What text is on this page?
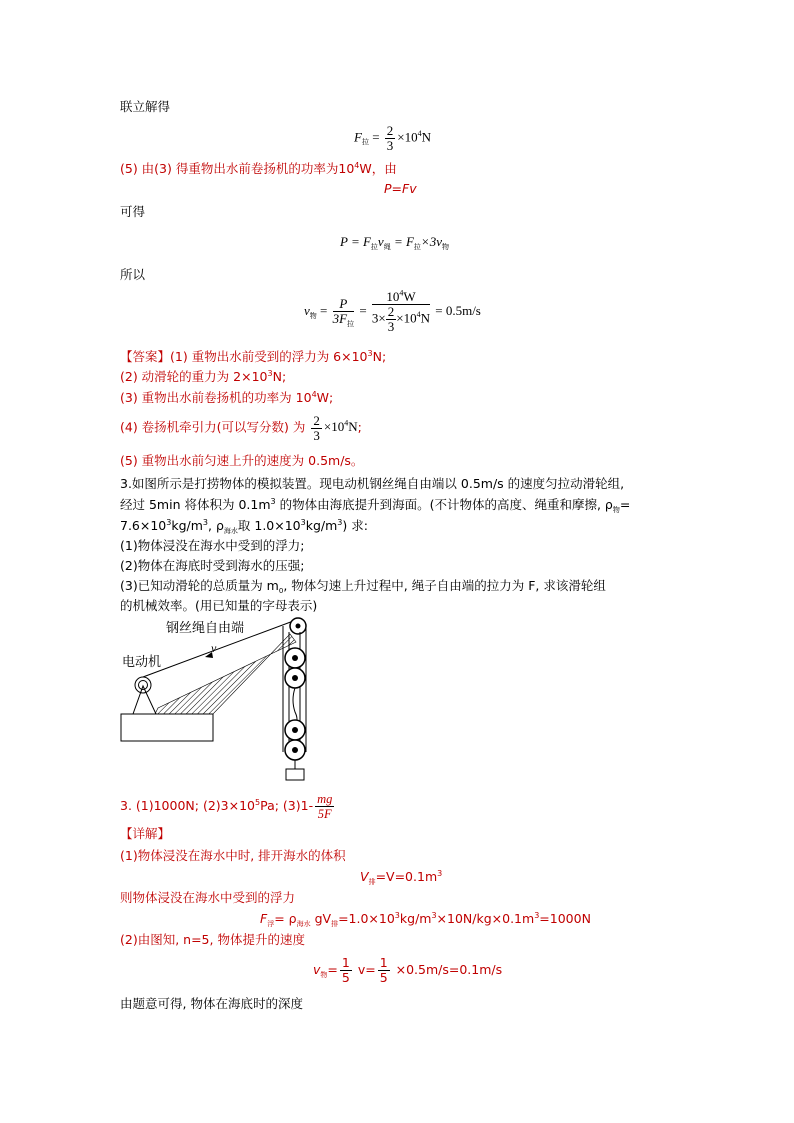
联立解得
$F_拉 = \frac{2}{3} \times 10^4N$
(5) 由(3) 得重物出水前卷扬机的功率为$10^4W$，由
P=Fv
可得
$P = F_拉v_绳 = F_拉\times 3v_物$
所以
$v_物 = P$
$3F_拉$
= $\frac{10^4W}{3\times \frac{2}{3} \times 10^4N} = 0.5m/s$
【答案】(1) 重物出水前受到的浮力为 $6\times 10^3N$;
(2) 动滑轮的重力为 $2\times 10^3N$;
(3) 重物出水前卷扬机的功率为 $10^4W$;
(4) 卷扬机牵引力(可以写分数) 为 $\frac{2}{3} \times 10^4N$;
(5) 重物出水前匀速上升的速度为 0.5m/s。
3.如图所示是打捞物体的模拟装置。现电动机钢丝绳自由端以 0.5m/s 的速度匀拉动滑轮组,
经过 5min 将体积为 $0.1m^3$ 的物体由海底提升到海面。(不计物体的高度、绳重和摩擦, $\rho_物=$
$7.6\times 10^3kg/m^3$, $\rho_{海水}$取 $1.0\times 10^3kg/m^3$) 求:
(1)物体浸没在海水中受到的浮力;
(2)物体在海底时受到海水的压强;
(3)已知动滑轮的总质量为 $m_0$, 物体匀速上升过程中, 绳子自由端的拉力为 F, 求该滑轮组
的机械效率。(用已知量的字母表示)
钢丝绳自由端
电动机
v
3. (1)1000N; $(2)3\times 10^5Pa$; $(3)1- \frac{mg}{5F}$
【详解】
(1)物体浸没在海水中时, 排开海水的体积
$V_排=V=0.1m^3$
则物体浸没在海水中受到的浮力
$F_浮= \rho_{海水}$ $gV_排=1.0\times 10^3kg/m^3\times 10N/kg\times 0.1m^3=1000N$
(2)由图知, n=5, 物体提升的速度
$v_物= \frac{1}{5} v= \frac{1}{5} \times 0.5m/s=0.1m/s$
由题意可得, 物体在海底时的深度
